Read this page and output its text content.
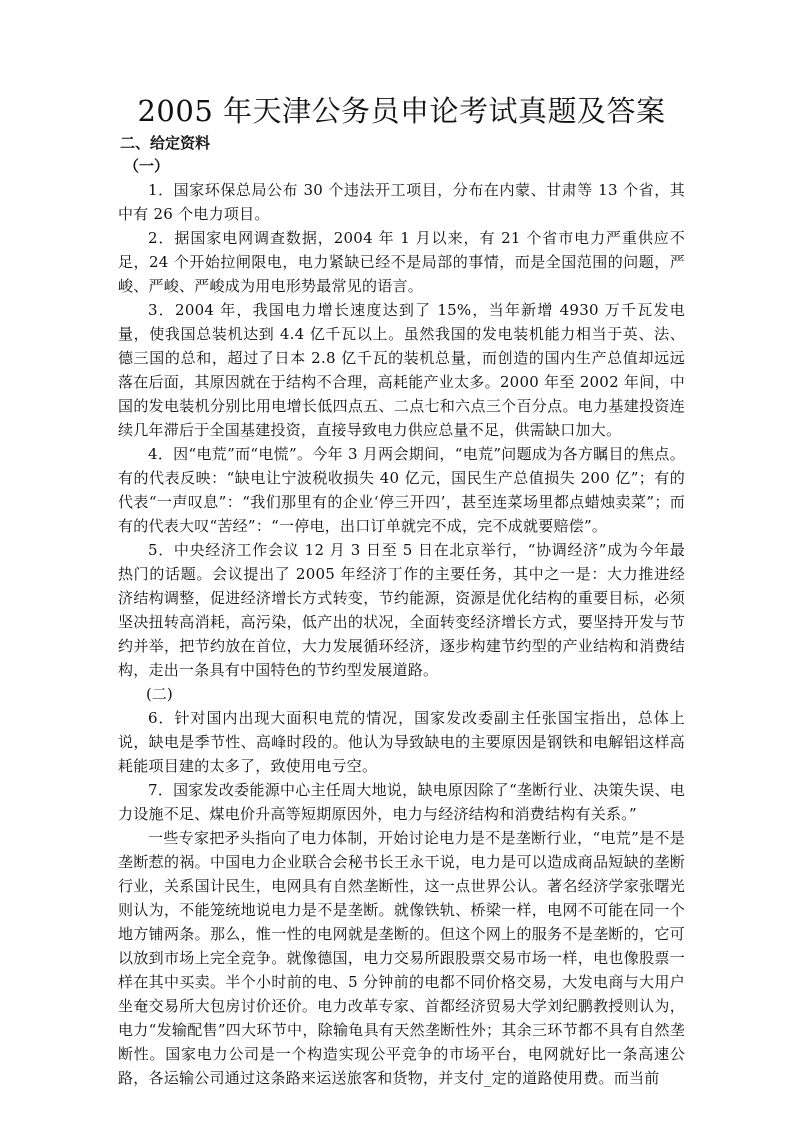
2005 年天津公务员申论考试真题及答案
二、给定资料
（一）

1．国家环保总局公布 30 个违法开工项目，分布在内蒙、甘肃等 13 个省，其中有 26 个电力项目。

2．据国家电网调查数据，2004 年 1 月以来，有 21 个省市电力严重供应不足，24 个开始拉闸限电，电力紧缺已经不是局部的事情，而是全国范围的问题，严峻、严峻、严峻成为用电形势最常见的语言。

3．2004 年，我国电力增长速度达到了 15%，当年新增 4930 万千瓦发电量，使我国总装机达到 4.4 亿千瓦以上。虽然我国的发电装机能力相当于英、法、德三国的总和，超过了日本 2.8 亿千瓦的装机总量，而创造的国内生产总值却远远落在后面，其原因就在于结构不合理，高耗能产业太多。2000 年至 2002 年间，中国的发电装机分别比用电增长低四点五、二点七和六点三个百分点。电力基建投资连续几年滞后于全国基建投资，直接导致电力供应总量不足，供需缺口加大。

4．因“电荒”而“电慌”。今年 3 月两会期间，“电荒”问题成为各方瞩目的焦点。有的代表反映：“缺电让宁波税收损失 40 亿元，国民生产总值损失 200 亿”；有的代表“一声叹息”：“我们那里有的企业‘停三开四’，甚至连菜场里都点蜡烛卖菜”；而有的代表大叹“苦经”：“一停电，出口订单就完不成，完不成就要赔偿”。

5．中央经济工作会议 12 月 3 日至 5 日在北京举行，“协调经济”成为今年最热门的话题。会议提出了 2005 年经济丁作的主要任务，其中之一是：大力推进经济结构调整，促进经济增长方式转变，节约能源，资源是优化结构的重要目标，必须坚决扭转高消耗，高污染，低产出的状况，全面转变经济增长方式，要坚持开发与节约并举，把节约放在首位，大力发展循环经济，逐步构建节约型的产业结构和消费结构，走出一条具有中国特色的节约型发展道路。

(二)

6．针对国内出现大面积电荒的情况，国家发改委副主任张国宝指出，总体上说，缺电是季节性、高峰时段的。他认为导致缺电的主要原因是钢铁和电解铝这样高耗能项目建的太多了，致使用电亏空。

7．国家发改委能源中心主任周大地说，缺电原因除了“垄断行业、决策失误、电力设施不足、煤电价升高等短期原因外，电力与经济结构和消费结构有关系。”

一些专家把矛头指向了电力体制，开始讨论电力是不是垄断行业，“电荒”是不是垄断惹的祸。中国电力企业联合会秘书长王永干说，电力是可以造成商品短缺的垄断行业，关系国计民生，电网具有自然垄断性，这一点世界公认。著名经济学家张曙光则认为，不能笼统地说电力是不是垄断。就像铁轨、桥梁一样，电网不可能在同一个地方铺两条。那么，惟一性的电网就是垄断的。但这个网上的服务不是垄断的，它可以放到市场上完全竞争。就像德国，电力交易所跟股票交易市场一样，电也像股票一样在其中买卖。半个小时前的电、5 分钟前的电都不同价格交易，大发电商与大用户坐奄交易所大包房讨价还价。电力改革专家、首都经济贸易大学刘纪鹏教授则认为，电力“发输配售”四大环节中，除输龟具有天然垄断性外；其余三环节都不具有自然垄断性。国家电力公司是一个构造实现公平竞争的市场平台，电网就好比一条高速公路，各运输公司通过这条路来运送旅客和货物，并支付_定的道路使用费。而当前
